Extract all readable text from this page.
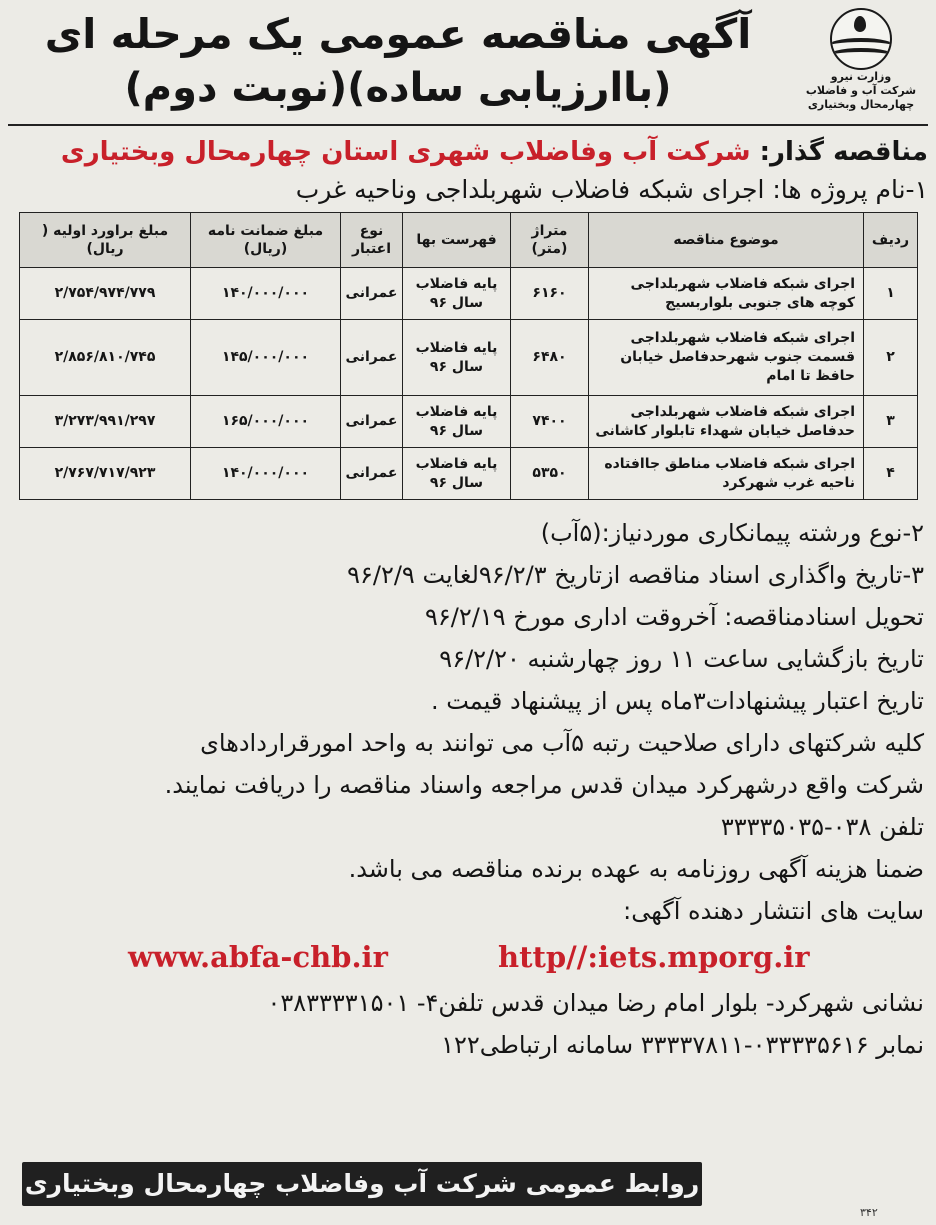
وزارت نیرو
شرکت آب و فاضلاب
چهارمحال وبختیاری
آگهی مناقصه عمومی یک مرحله ای
(باارزیابی ساده)(نوبت دوم)
مناقصه گذار: شرکت آب وفاضلاب شهری استان چهارمحال وبختیاری
۱-نام پروژه ها: اجرای شبکه فاضلاب شهربلداجی وناحیه غرب
ردیف	موضوع مناقصه	متراژ (متر)	فهرست بها	نوع اعتبار	مبلغ ضمانت نامه (ریال)	مبلغ براورد اولیه ( ریال)
۱	اجرای شبکه فاضلاب شهربلداجی کوچه های جنوبی بلواربسیج	۶۱۶۰	پایه فاضلاب سال ۹۶	عمرانی	۱۴۰/۰۰۰/۰۰۰	۲/۷۵۴/۹۷۴/۷۷۹
۲	اجرای شبکه فاضلاب شهربلداجی قسمت جنوب شهرحدفاصل خیابان حافظ تا امام	۶۴۸۰	پایه فاضلاب سال ۹۶	عمرانی	۱۴۵/۰۰۰/۰۰۰	۲/۸۵۶/۸۱۰/۷۴۵
۳	اجرای شبکه فاضلاب شهربلداجی حدفاصل خیابان شهداء تابلوار کاشانی	۷۴۰۰	پایه فاضلاب سال ۹۶	عمرانی	۱۶۵/۰۰۰/۰۰۰	۳/۲۷۳/۹۹۱/۲۹۷
۴	اجرای شبکه فاضلاب مناطق جاافتاده ناحیه غرب شهرکرد	۵۳۵۰	پایه فاضلاب سال ۹۶	عمرانی	۱۴۰/۰۰۰/۰۰۰	۲/۷۶۷/۷۱۷/۹۲۳
۲-نوع ورشته پیمانکاری موردنیاز:(۵آب)
۳-تاریخ واگذاری اسناد مناقصه ازتاریخ ۹۶/۲/۳لغایت ۹۶/۲/۹
تحویل اسنادمناقصه: آخروقت اداری مورخ ۹۶/۲/۱۹
تاریخ بازگشایی ساعت ۱۱ روز چهارشنبه ۹۶/۲/۲۰
تاریخ اعتبار پیشنهادات۳ماه پس از پیشنهاد قیمت .
کلیه شرکتهای دارای صلاحیت رتبه ۵آب می توانند به واحد امورقراردادهای
شرکت واقع درشهرکرد میدان قدس مراجعه واسناد مناقصه را دریافت نمایند.
تلفن ۰۳۸-۳۳۳۳۵۰۳۵
ضمنا هزینه آگهی روزنامه به عهده برنده مناقصه می باشد.
سایت های انتشار دهنده آگهی:
www.abfa-chb.ir	http//:iets.mporg.ir
نشانی شهرکرد- بلوار امام رضا میدان قدس تلفن۴- ۰۳۸۳۳۳۳۱۵۰۱
نمابر ۰۳۳۳۳۵۶۱۶-۳۳۳۳۷۸۱۱ سامانه ارتباطی۱۲۲
روابط عمومی شرکت آب وفاضلاب چهارمحال وبختیاری
۳۴۲
